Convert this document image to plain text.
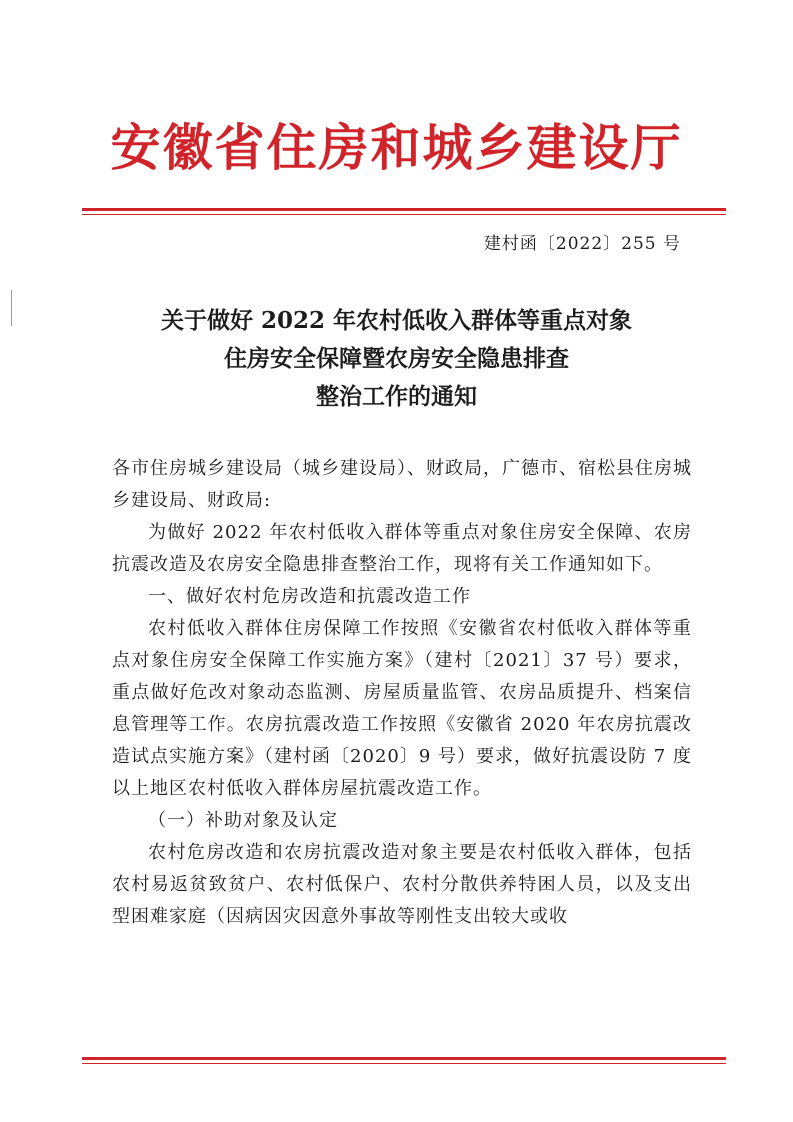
安徽省住房和城乡建设厅
建村函〔2022〕255 号
关于做好 2022 年农村低收入群体等重点对象
住房安全保障暨农房安全隐患排查
整治工作的通知

各市住房城乡建设局（城乡建设局）、财政局，广德市、宿松县住房城乡建设局、财政局:

为做好 2022 年农村低收入群体等重点对象住房安全保障、农房抗震改造及农房安全隐患排查整治工作，现将有关工作通知如下。

一、做好农村危房改造和抗震改造工作

农村低收入群体住房保障工作按照《安徽省农村低收入群体等重点对象住房安全保障工作实施方案》（建村〔2021〕37 号）要求，重点做好危改对象动态监测、房屋质量监管、农房品质提升、档案信息管理等工作。农房抗震改造工作按照《安徽省 2020 年农房抗震改造试点实施方案》（建村函〔2020〕9 号）要求，做好抗震设防 7 度以上地区农村低收入群体房屋抗震改造工作。

（一）补助对象及认定

农村危房改造和农房抗震改造对象主要是农村低收入群体，包括农村易返贫致贫户、农村低保户、农村分散供养特困人员，以及支出型困难家庭（因病因灾因意外事故等刚性支出较大或收
